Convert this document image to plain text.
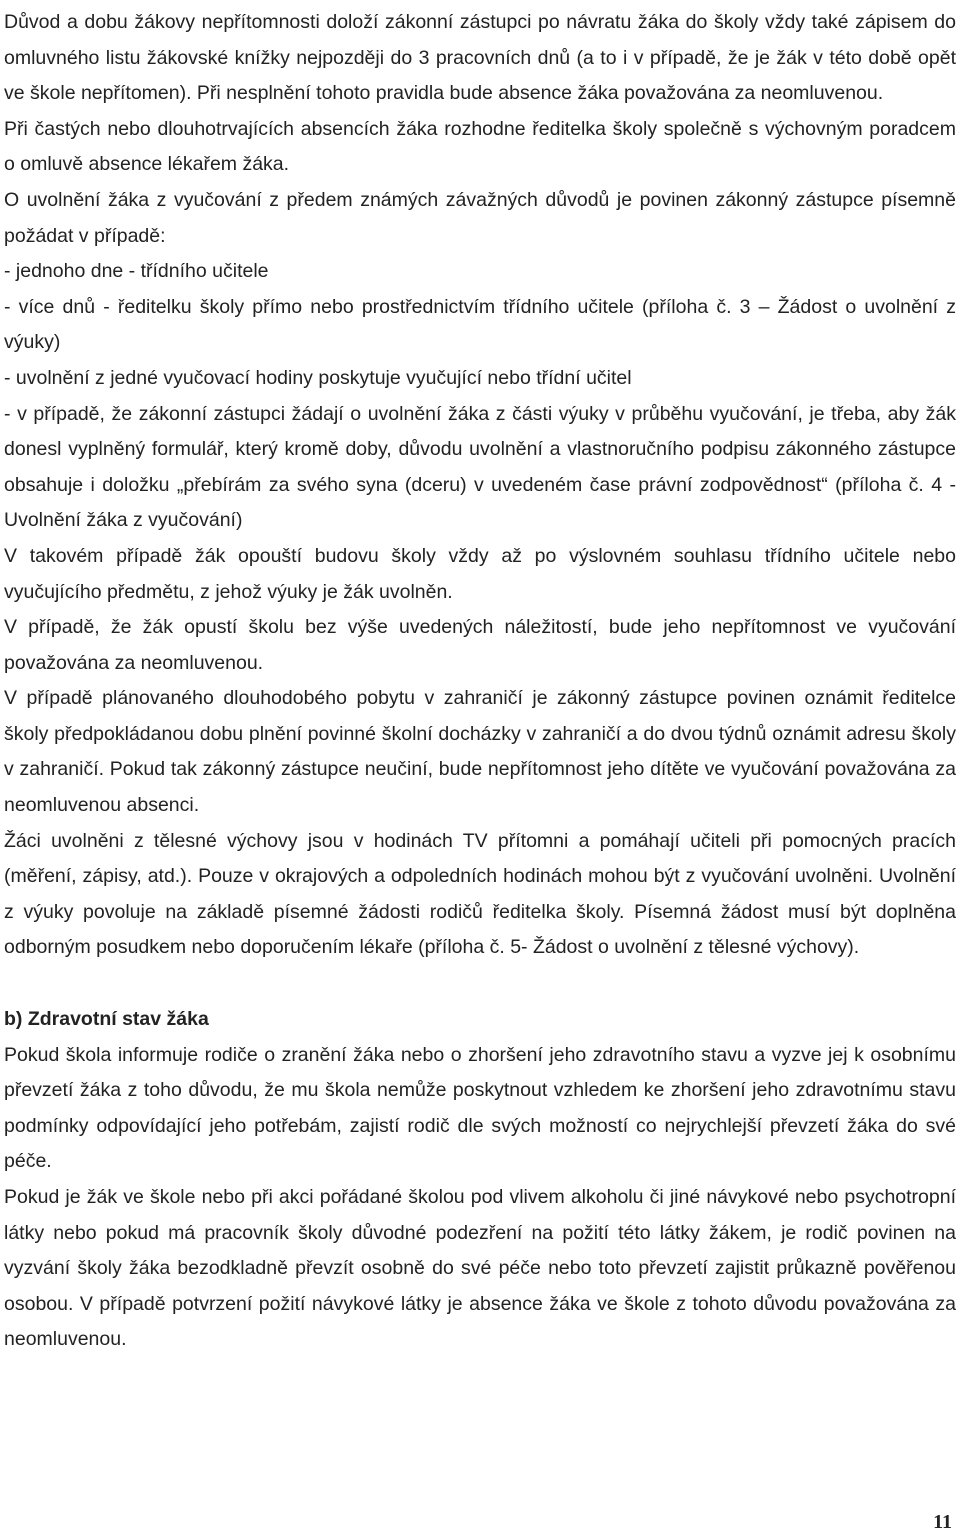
Důvod a dobu žákovy nepřítomnosti doloží zákonní zástupci po návratu žáka do školy vždy také zápisem do omluvného listu žákovské knížky nejpozději do 3 pracovních dnů (a to i v případě, že je žák v této době opět ve škole nepřítomen). Při nesplnění tohoto pravidla bude absence žáka považována za neomluvenou.

Při častých nebo dlouhotrvajících absencích žáka rozhodne ředitelka školy společně s výchovným poradcem o omluvě absence lékařem žáka.

O uvolnění žáka z vyučování z předem známých závažných důvodů je povinen zákonný zástupce písemně požádat v případě:

- jednoho dne - třídního učitele

- více dnů - ředitelku školy přímo nebo prostřednictvím třídního učitele (příloha č. 3 – Žádost o uvolnění z výuky)

- uvolnění z jedné vyučovací hodiny poskytuje vyučující nebo třídní učitel

- v případě, že zákonní zástupci žádají o uvolnění žáka z části výuky v průběhu vyučování, je třeba, aby žák donesl vyplněný formulář, který kromě doby, důvodu uvolnění a vlastnoručního podpisu zákonného zástupce obsahuje i doložku „přebírám za svého syna (dceru) v uvedeném čase právní zodpovědnost“ (příloha č. 4 - Uvolnění žáka z vyučování)

V takovém případě žák opouští budovu školy vždy až po výslovném souhlasu třídního učitele nebo vyučujícího předmětu, z jehož výuky je žák uvolněn.

V případě, že žák opustí školu bez výše uvedených náležitostí, bude jeho nepřítomnost ve vyučování považována za neomluvenou.

V případě plánovaného dlouhodobého pobytu v zahraničí je zákonný zástupce povinen oznámit ředitelce školy předpokládanou dobu plnění povinné školní docházky v zahraničí a do dvou týdnů oznámit adresu školy v zahraničí. Pokud tak zákonný zástupce neučiní, bude nepřítomnost jeho dítěte ve vyučování považována za neomluvenou absenci.

Žáci uvolněni z tělesné výchovy jsou v hodinách TV přítomni a pomáhají učiteli při pomocných pracích (měření, zápisy, atd.). Pouze v okrajových a odpoledních hodinách mohou být z vyučování uvolněni. Uvolnění z výuky povoluje na základě písemné žádosti rodičů ředitelka školy. Písemná žádost musí být doplněna odborným posudkem nebo doporučením lékaře (příloha č. 5- Žádost o uvolnění z tělesné výchovy).

b) Zdravotní stav žáka

Pokud škola informuje rodiče o zranění žáka nebo o zhoršení jeho zdravotního stavu a vyzve jej k osobnímu převzetí žáka z toho důvodu, že mu škola nemůže poskytnout vzhledem ke zhoršení jeho zdravotnímu stavu podmínky odpovídající jeho potřebám, zajistí rodič dle svých možností co nejrychlejší převzetí žáka do své péče.

Pokud je žák ve škole nebo při akci pořádané školou pod vlivem alkoholu či jiné návykové nebo psychotropní látky nebo pokud má pracovník školy důvodné podezření na požití této látky žákem, je rodič povinen na vyzvání školy žáka bezodkladně převzít osobně do své péče nebo toto převzetí zajistit průkazně pověřenou osobou. V případě potvrzení požití návykové látky je absence žáka ve škole z tohoto důvodu považována za neomluvenou.

11
